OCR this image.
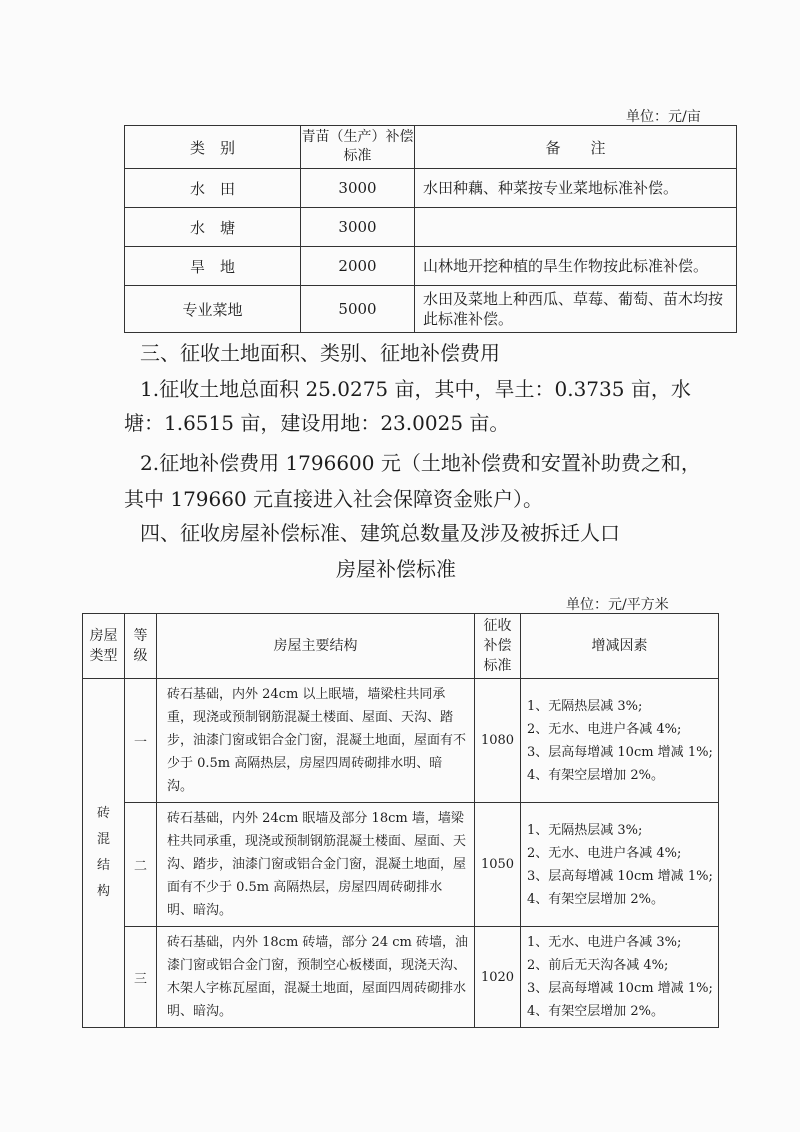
单位：元/亩
类　别	青苗（生产）补偿标准	备　　注
水　田	3000	水田种藕、种菜按专业菜地标准补偿。
水　塘	3000	
旱　地	2000	山林地开挖种植的旱生作物按此标准补偿。
专业菜地	5000	水田及菜地上种西瓜、草莓、葡萄、苗木均按此标准补偿。
三、征收土地面积、类别、征地补偿费用
1.征收土地总面积 25.0275 亩，其中，旱土：0.3735 亩，水
塘：1.6515 亩，建设用地：23.0025 亩。
2.征地补偿费用 1796600 元（土地补偿费和安置补助费之和，
其中 179660 元直接进入社会保障资金账户）。
四、征收房屋补偿标准、建筑总数量及涉及被拆迁人口
房屋补偿标准
单位：元/平方米
房屋类型	等级	房屋主要结构	征收补偿标准	增减因素
砖混结构	一	砖石基础，内外 24cm 以上眠墙，墙梁柱共同承重，现浇或预制钢筋混凝土楼面、屋面、天沟、踏步，油漆门窗或铝合金门窗，混凝土地面，屋面有不少于 0.5m 高隔热层，房屋四周砖砌排水明、暗沟。	1080	1、无隔热层减 3%;
2、无水、电进户各减 4%;
3、层高每增减 10cm 增减 1%;
4、有架空层增加 2%。

	二	砖石基础，内外 24cm 眠墙及部分 18cm 墙，墙梁柱共同承重，现浇或预制钢筋混凝土楼面、屋面、天沟、踏步，油漆门窗或铝合金门窗，混凝土地面，屋面有不少于 0.5m 高隔热层，房屋四周砖砌排水明、暗沟。	1050	1、无隔热层减 3%;
2、无水、电进户各减 4%;
3、层高每增减 10cm 增减 1%;
4、有架空层增加 2%。

	三	砖石基础，内外 18cm 砖墙，部分 24 cm 砖墙，油漆门窗或铝合金门窗，预制空心板楼面，现浇天沟、木架人字栋瓦屋面，混凝土地面，屋面四周砖砌排水明、暗沟。	1020	1、无水、电进户各减 3%;
2、前后无天沟各减 4%;
3、层高每增减 10cm 增减 1%;
4、有架空层增加 2%。
